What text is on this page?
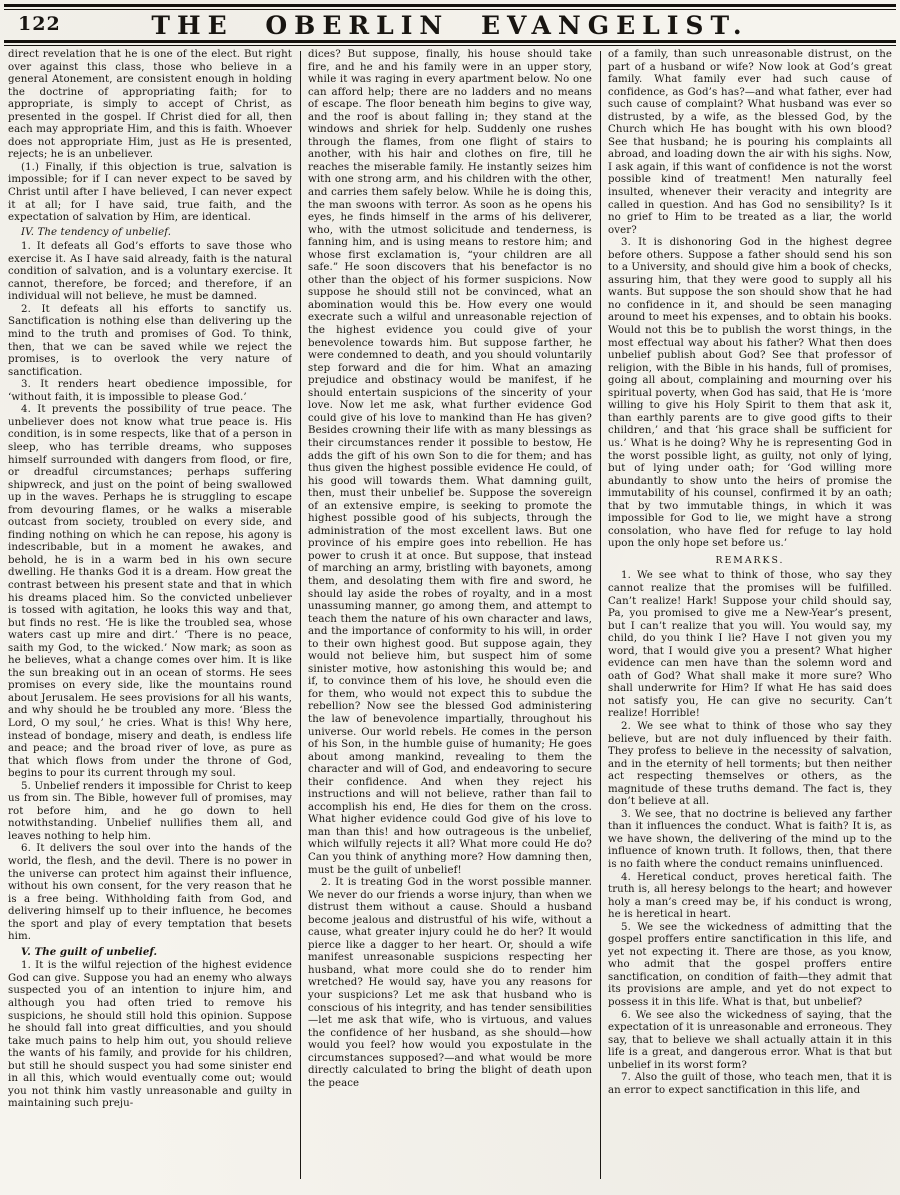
122	THE OBERLIN EVANGELIST.

direct revelation that he is one of the elect. But right over against this class, those who believe in a general Atonement, are consistent enough in holding the doctrine of appropriating faith; for to appropriate, is simply to accept of Christ, as presented in the gospel. If Christ died for all, then each may appropriate Him, and this is faith. Whoever does not appropriate Him, just as He is presented, rejects; he is an unbeliever.

(1.) Finally, if this objection is true, salvation is impossible; for if I can never expect to be saved by Christ until after I have believed, I can never expect it at all; for I have said, true faith, and the expectation of salvation by Him, are identical.

IV. The tendency of unbelief.

1. It defeats all God’s efforts to save those who exercise it. As I have said already, faith is the natural condition of salvation, and is a voluntary exercise. It cannot, therefore, be forced; and therefore, if an individual will not believe, he must be damned.

2. It defeats all his efforts to sanctify us. Sanctification is nothing else than delivering up the mind to the truth and promises of God. To think, then, that we can be saved while we reject the promises, is to overlook the very nature of sanctification.

3. It renders heart obedience impossible, for ‘without faith, it is impossible to please God.’

4. It prevents the possibility of true peace. The unbeliever does not know what true peace is. His condition, is in some respects, like that of a person in sleep, who has terrible dreams, who supposes himself surrounded with dangers from flood, or fire, or dreadful circumstances; perhaps suffering shipwreck, and just on the point of being swallowed up in the waves. Perhaps he is struggling to escape from devouring flames, or he walks a miserable outcast from society, troubled on every side, and finding nothing on which he can repose, his agony is indescribable, but in a moment he awakes, and behold, he is in a warm bed in his own secure dwelling. He thanks God it is a dream. How great the contrast between his present state and that in which his dreams placed him. So the convicted unbeliever is tossed with agitation, he looks this way and that, but finds no rest. ‘He is like the troubled sea, whose waters cast up mire and dirt.’ ‘There is no peace, saith my God, to the wicked.’ Now mark; as soon as he believes, what a change comes over him. It is like the sun breaking out in an ocean of storms. He sees promises on every side, like the mountains round about Jerusalem. He sees provisions for all his wants, and why should he be troubled any more. ‘Bless the Lord, O my soul,’ he cries. What is this! Why here, instead of bondage, misery and death, is endless life and peace; and the broad river of love, as pure as that which flows from under the throne of God, begins to pour its current through my soul.

5. Unbelief renders it impossible for Christ to keep us from sin. The Bible, however full of promises, may rot before him, and he go down to hell notwithstanding. Unbelief nullifies them all, and leaves nothing to help him.

6. It delivers the soul over into the hands of the world, the flesh, and the devil. There is no power in the universe can protect him against their influence, without his own consent, for the very reason that he is a free being. Withholding faith from God, and delivering himself up to their influence, he becomes the sport and play of every temptation that besets him.

V. The guilt of unbelief.

1. It is the wilful rejection of the highest evidence God can give. Suppose you had an enemy who always suspected you of an intention to injure him, and although you had often tried to remove his suspicions, he should still hold this opinion. Suppose he should fall into great difficulties, and you should take much pains to help him out, you should relieve the wants of his family, and provide for his children, but still he should suspect you had some sinister end in all this, which would eventually come out; would you not think him vastly unreasonable and guilty in maintaining such preju-

dices? But suppose, finally, his house should take fire, and he and his family were in an upper story, while it was raging in every apartment below. No one can afford help; there are no ladders and no means of escape. The floor beneath him begins to give way, and the roof is about falling in; they stand at the windows and shriek for help. Suddenly one rushes through the flames, from one flight of stairs to another, with his hair and clothes on fire, till he reaches the miserable family. He instantly seizes him with one strong arm, and his children with the other, and carries them safely below. While he is doing this, the man swoons with terror. As soon as he opens his eyes, he finds himself in the arms of his deliverer, who, with the utmost solicitude and tenderness, is fanning him, and is using means to restore him; and whose first exclamation is, “your children are all safe.” He soon discovers that his benefactor is no other than the object of his former suspicions. Now suppose he should still not be convinced, what an abomination would this be. How every one would execrate such a wilful and unreasonable rejection of the highest evidence you could give of your benevolence towards him. But suppose farther, he were condemned to death, and you should voluntarily step forward and die for him. What an amazing prejudice and obstinacy would be manifest, if he should entertain suspicions of the sincerity of your love. Now let me ask, what further evidence God could give of his love to mankind than He has given? Besides crowning their life with as many blessings as their circumstances render it possible to bestow, He adds the gift of his own Son to die for them; and has thus given the highest possible evidence He could, of his good will towards them. What damning guilt, then, must their unbelief be. Suppose the sovereign of an extensive empire, is seeking to promote the highest possible good of his subjects, through the administration of the most excellent laws. But one province of his empire goes into rebellion. He has power to crush it at once. But suppose, that instead of marching an army, bristling with bayonets, among them, and desolating them with fire and sword, he should lay aside the robes of royalty, and in a most unassuming manner, go among them, and attempt to teach them the nature of his own character and laws, and the importance of conformity to his will, in order to their own highest good. But suppose again, they would not believe him, but suspect him of some sinister motive, how astonishing this would be; and if, to convince them of his love, he should even die for them, who would not expect this to subdue the rebellion? Now see the blessed God administering the law of benevolence impartially, throughout his universe. Our world rebels. He comes in the person of his Son, in the humble guise of humanity; He goes about among mankind, revealing to them the character and will of God, and endeavoring to secure their confidence. And when they reject his instructions and will not believe, rather than fail to accomplish his end, He dies for them on the cross. What higher evidence could God give of his love to man than this! and how outrageous is the unbelief, which wilfully rejects it all? What more could He do? Can you think of anything more? How damning then, must be the guilt of unbelief!

2. It is treating God in the worst possible manner. We never do our friends a worse injury, than when we distrust them without a cause. Should a husband become jealous and distrustful of his wife, without a cause, what greater injury could he do her? It would pierce like a dagger to her heart. Or, should a wife manifest unreasonable suspicions respecting her husband, what more could she do to render him wretched? He would say, have you any reasons for your suspicions? Let me ask that husband who is conscious of his integrity, and has tender sensibilities—let me ask that wife, who is virtuous, and values the confidence of her husband, as she should—how would you feel? how would you expostulate in the circumstances supposed?—and what would be more directly calculated to bring the blight of death upon the peace

of a family, than such unreasonable distrust, on the part of a husband or wife? Now look at God’s great family. What family ever had such cause of confidence, as God’s has?—and what father, ever had such cause of complaint? What husband was ever so distrusted, by a wife, as the blessed God, by the Church which He has bought with his own blood? See that husband; he is pouring his complaints all abroad, and loading down the air with his sighs. Now, I ask again, if this want of confidence is not the worst possible kind of treatment! Men naturally feel insulted, whenever their veracity and integrity are called in question. And has God no sensibility? Is it no grief to Him to be treated as a liar, the world over?

3. It is dishonoring God in the highest degree before others. Suppose a father should send his son to a University, and should give him a book of checks, assuring him, that they were good to supply all his wants. But suppose the son should show that he had no confidence in it, and should be seen managing around to meet his expenses, and to obtain his books. Would not this be to publish the worst things, in the most effectual way about his father? What then does unbelief publish about God? See that professor of religion, with the Bible in his hands, full of promises, going all about, complaining and mourning over his spiritual poverty, when God has said, that He is ‘more willing to give his Holy Spirit to them that ask it, than earthly parents are to give good gifts to their children,’ and that ‘his grace shall be sufficient for us.’ What is he doing? Why he is representing God in the worst possible light, as guilty, not only of lying, but of lying under oath; for ‘God willing more abundantly to show unto the heirs of promise the immutability of his counsel, confirmed it by an oath; that by two immutable things, in which it was impossible for God to lie, we might have a strong consolation, who have fled for refuge to lay hold upon the only hope set before us.’

REMARKS.

1. We see what to think of those, who say they cannot realize that the promises will be fulfilled. Can’t realize! Hark! Suppose your child should say, Pa, you promised to give me a New-Year’s present, but I can’t realize that you will. You would say, my child, do you think I lie? Have I not given you my word, that I would give you a present? What higher evidence can men have than the solemn word and oath of God? What shall make it more sure? Who shall underwrite for Him? If what He has said does not satisfy you, He can give no security. Can’t realize! Horrible!

2. We see what to think of those who say they believe, but are not duly influenced by their faith. They profess to believe in the necessity of salvation, and in the eternity of hell torments; but then neither act respecting themselves or others, as the magnitude of these truths demand. The fact is, they don’t believe at all.

3. We see, that no doctrine is believed any farther than it influences the conduct. What is faith? It is, as we have shown, the delivering of the mind up to the influence of known truth. It follows, then, that there is no faith where the conduct remains uninfluenced.

4. Heretical conduct, proves heretical faith. The truth is, all heresy belongs to the heart; and however holy a man’s creed may be, if his conduct is wrong, he is heretical in heart.

5. We see the wickedness of admitting that the gospel proffers entire sanctification in this life, and yet not expecting it. There are those, as you know, who admit that the gospel proffers entire sanctification, on condition of faith—they admit that its provisions are ample, and yet do not expect to possess it in this life. What is that, but unbelief?

6. We see also the wickedness of saying, that the expectation of it is unreasonable and erroneous. They say, that to believe we shall actually attain it in this life is a great, and dangerous error. What is that but unbelief in its worst form?

7. Also the guilt of those, who teach men, that it is an error to expect sanctification in this life, and
